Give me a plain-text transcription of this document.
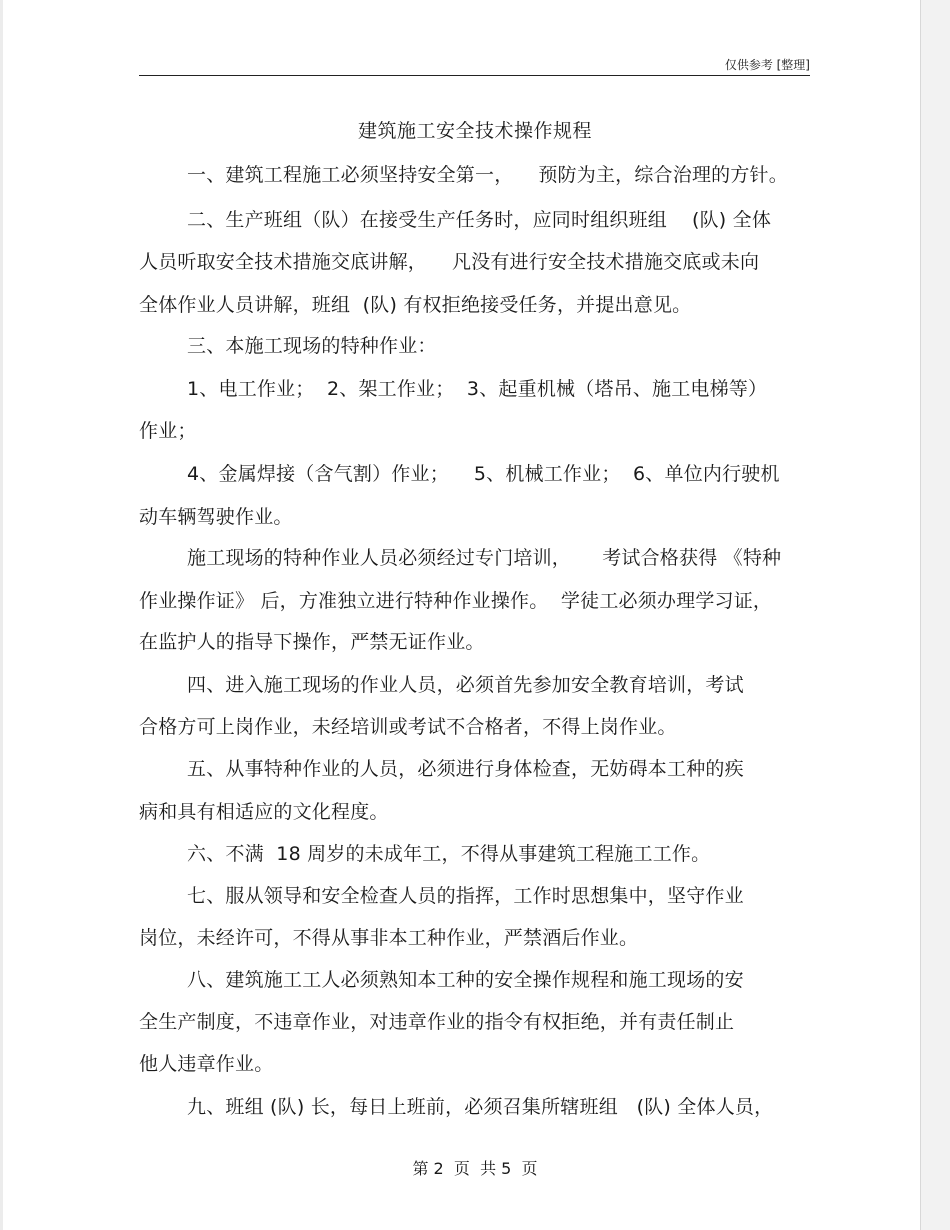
仅供参考 [整理]
建筑施工安全技术操作规程
一、建筑工程施工必须坚持安全第一，    预防为主，综合治理的方针。
二、生产班组（队）在接受生产任务时，应同时组织班组    (队) 全体
人员听取安全技术措施交底讲解，    凡没有进行安全技术措施交底或未向
全体作业人员讲解，班组  (队) 有权拒绝接受任务，并提出意见。
三、本施工现场的特种作业：
1、电工作业；  2、架工作业；  3、起重机械（塔吊、施工电梯等）
作业；
4、金属焊接（含气割）作业；    5、机械工作业；  6、单位内行驶机
动车辆驾驶作业。
施工现场的特种作业人员必须经过专门培训，     考试合格获得 《特种
作业操作证》 后，方准独立进行特种作业操作。  学徒工必须办理学习证，
在监护人的指导下操作，严禁无证作业。
四、进入施工现场的作业人员，必须首先参加安全教育培训，考试
合格方可上岗作业，未经培训或考试不合格者，不得上岗作业。
五、从事特种作业的人员，必须进行身体检查，无妨碍本工种的疾
病和具有相适应的文化程度。
六、不满  18 周岁的未成年工，不得从事建筑工程施工工作。
七、服从领导和安全检查人员的指挥，工作时思想集中，坚守作业
岗位，未经许可，不得从事非本工种作业，严禁酒后作业。
八、建筑施工工人必须熟知本工种的安全操作规程和施工现场的安
全生产制度，不违章作业，对违章作业的指令有权拒绝，并有责任制止
他人违章作业。
九、班组 (队) 长，每日上班前，必须召集所辖班组   (队) 全体人员，
第 2  页  共 5  页
